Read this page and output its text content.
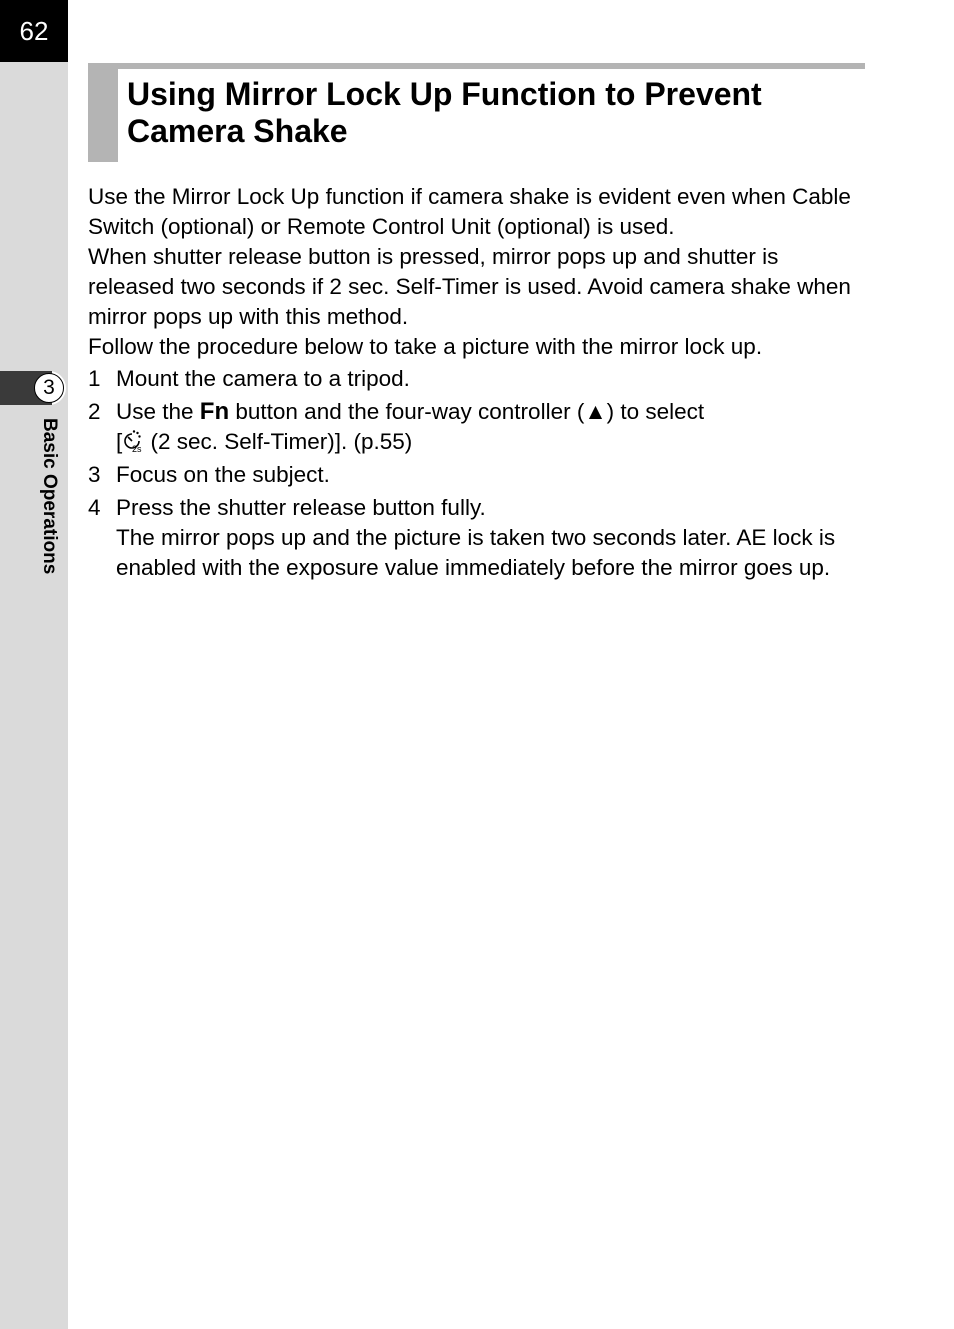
62
3
Basic Operations
Using Mirror Lock Up Function to Prevent
Camera Shake

Use the Mirror Lock Up function if camera shake is evident even when Cable Switch (optional) or Remote Control Unit (optional) is used.

When shutter release button is pressed, mirror pops up and shutter is released two seconds if 2 sec. Self-Timer is used. Avoid camera shake when mirror pops up with this method.

Follow the procedure below to take a picture with the mirror lock up.

1 Mount the camera to a tripod.
2 Use the Fn button and the four-way controller (▲) to select
[ 2s (2 sec. Self-Timer)]. (p.55)
3 Focus on the subject.
4 Press the shutter release button fully.
The mirror pops up and the picture is taken two seconds later. AE lock is enabled with the exposure value immediately before the mirror goes up.
